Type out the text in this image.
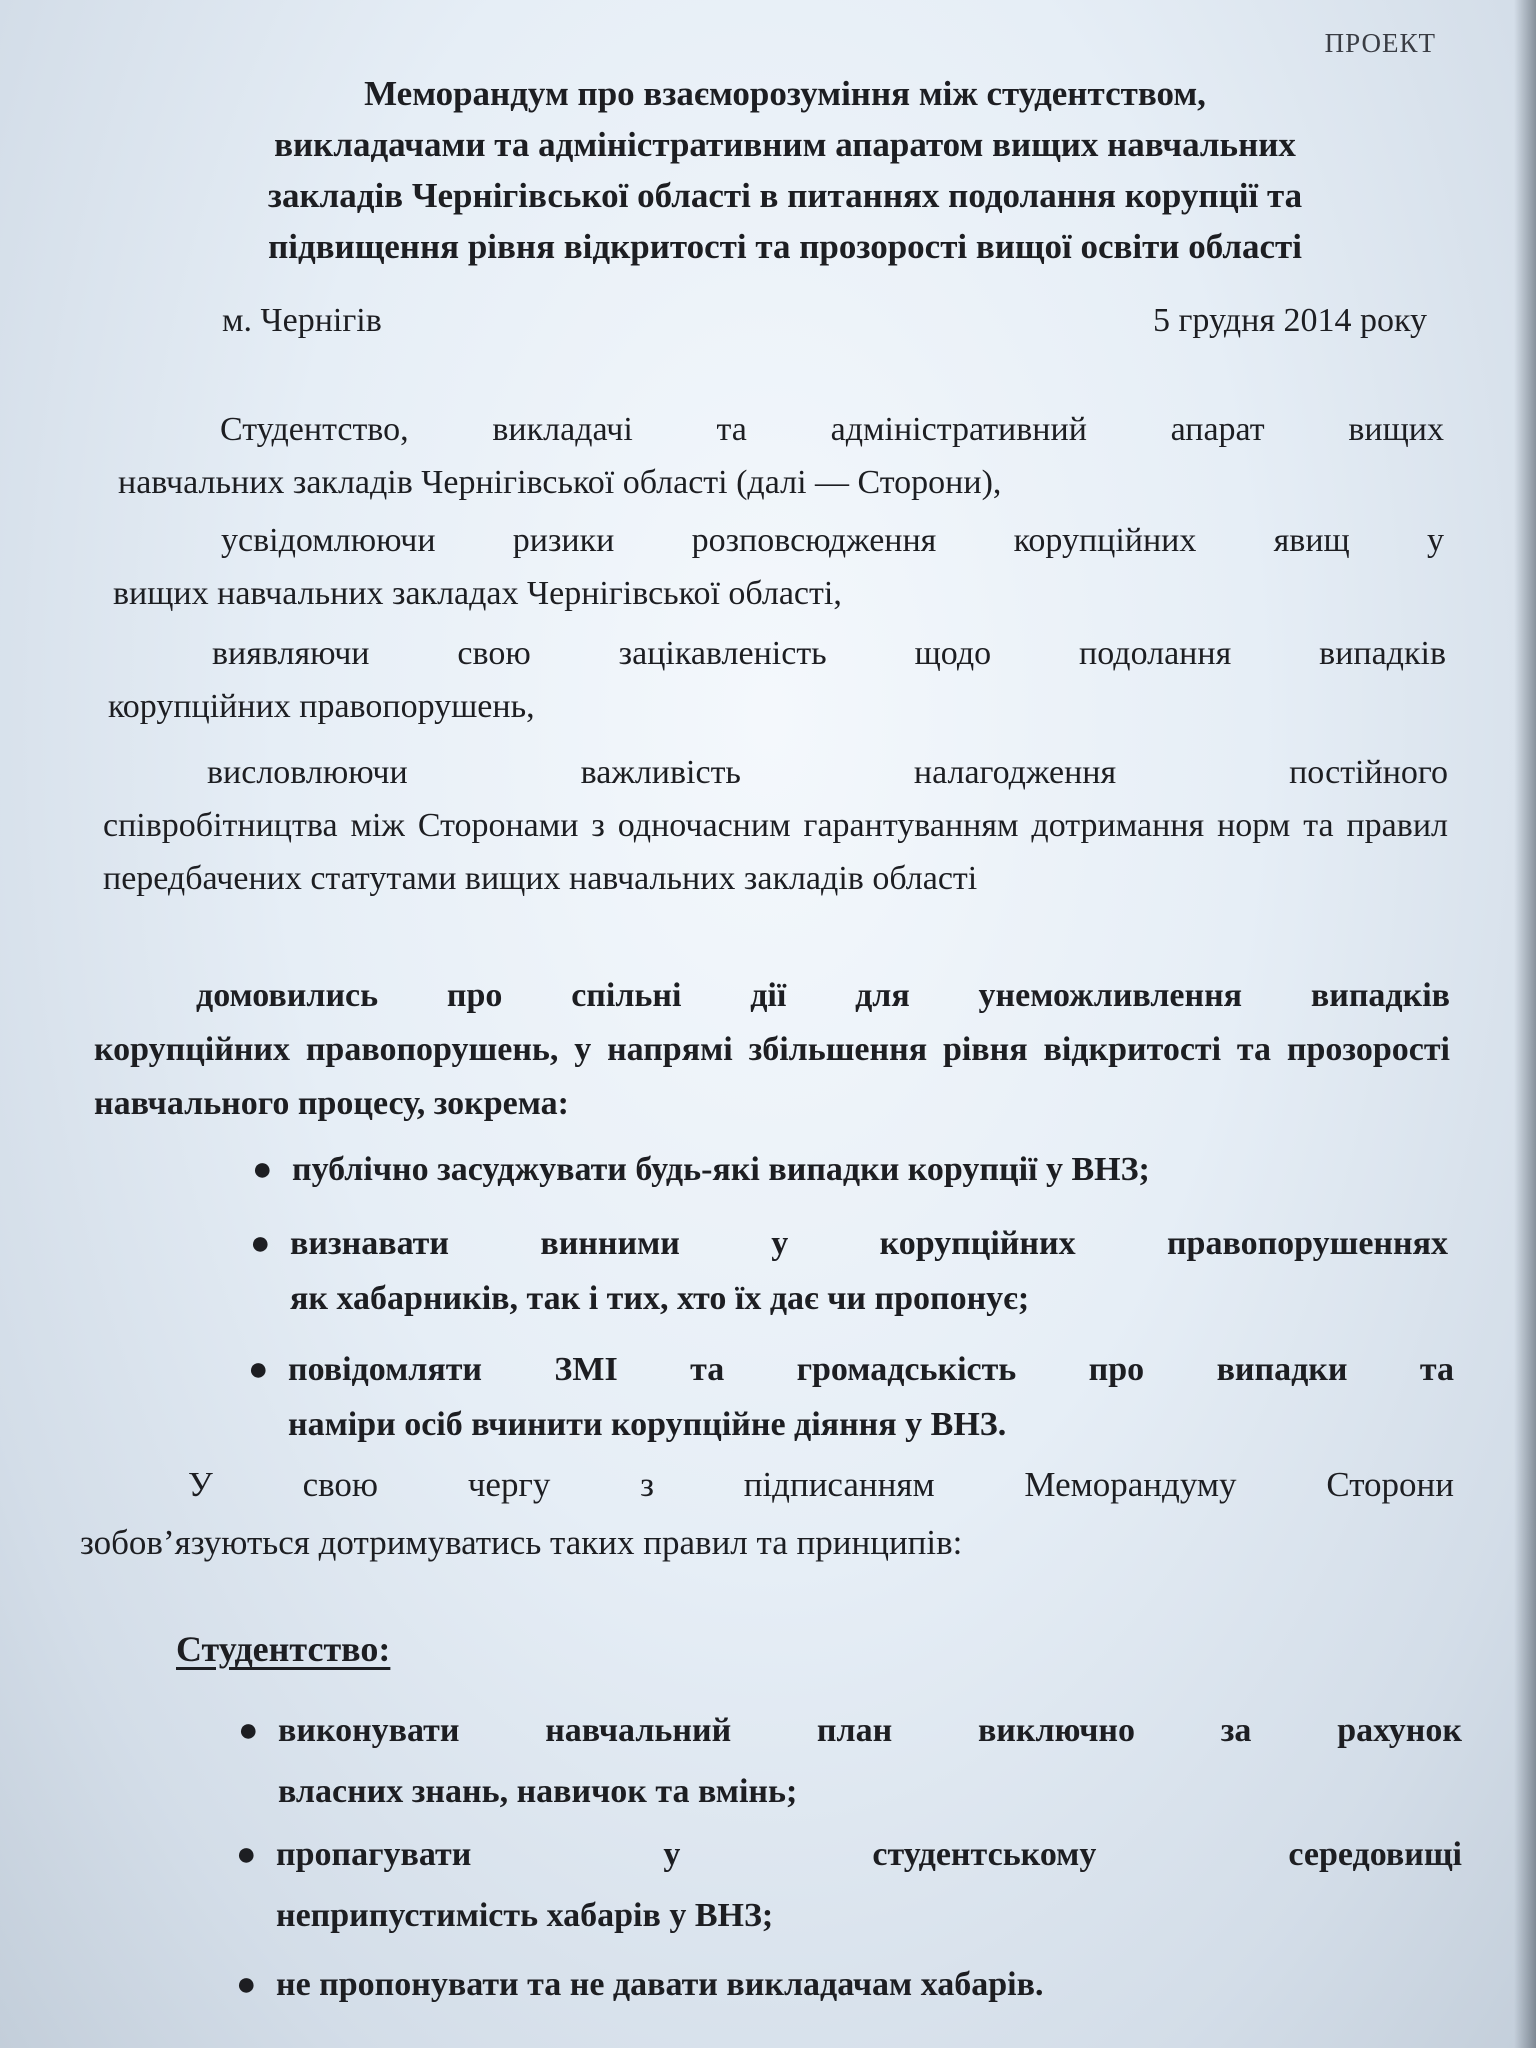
ПРОЕКТ
Меморандум про взаєморозуміння між студентством,
викладачами та адміністративним апаратом вищих навчальних
закладів Чернігівської області в питаннях подолання корупції та
підвищення рівня відкритості та прозорості вищої освіти області
м. Чернігів	5 грудня 2014 року
Студентство, викладачі та адміністративний апарат вищих
навчальних закладів Чернігівської області (далі — Сторони),
усвідомлюючи ризики розповсюдження корупційних явищ у
вищих навчальних закладах Чернігівської області,
виявляючи свою зацікавленість щодо подолання випадків
корупційних правопорушень,
висловлюючи важливість налагодження постійного
співробітництва між Сторонами з одночасним гарантуванням дотримання норм та правил передбачених статутами вищих навчальних закладів області
домовились про спільні дії для унеможливлення випадків
корупційних правопорушень, у напрямі збільшення рівня відкритості та прозорості навчального процесу, зокрема:
● публічно засуджувати будь-які випадки корупції у ВНЗ;
● визнавати винними у корупційних правопорушеннях
як хабарників, так і тих, хто їх дає чи пропонує;
● повідомляти ЗМІ та громадськість про випадки та
наміри осіб вчинити корупційне діяння у ВНЗ.
У свою чергу з підписанням Меморандуму Сторони
зобов’язуються дотримуватись таких правил та принципів:
Студентство:
● виконувати навчальний план виключно за рахунок
власних знань, навичок та вмінь;
● пропагувати у студентському середовищі
неприпустимість хабарів у ВНЗ;
● не пропонувати та не давати викладачам хабарів.
